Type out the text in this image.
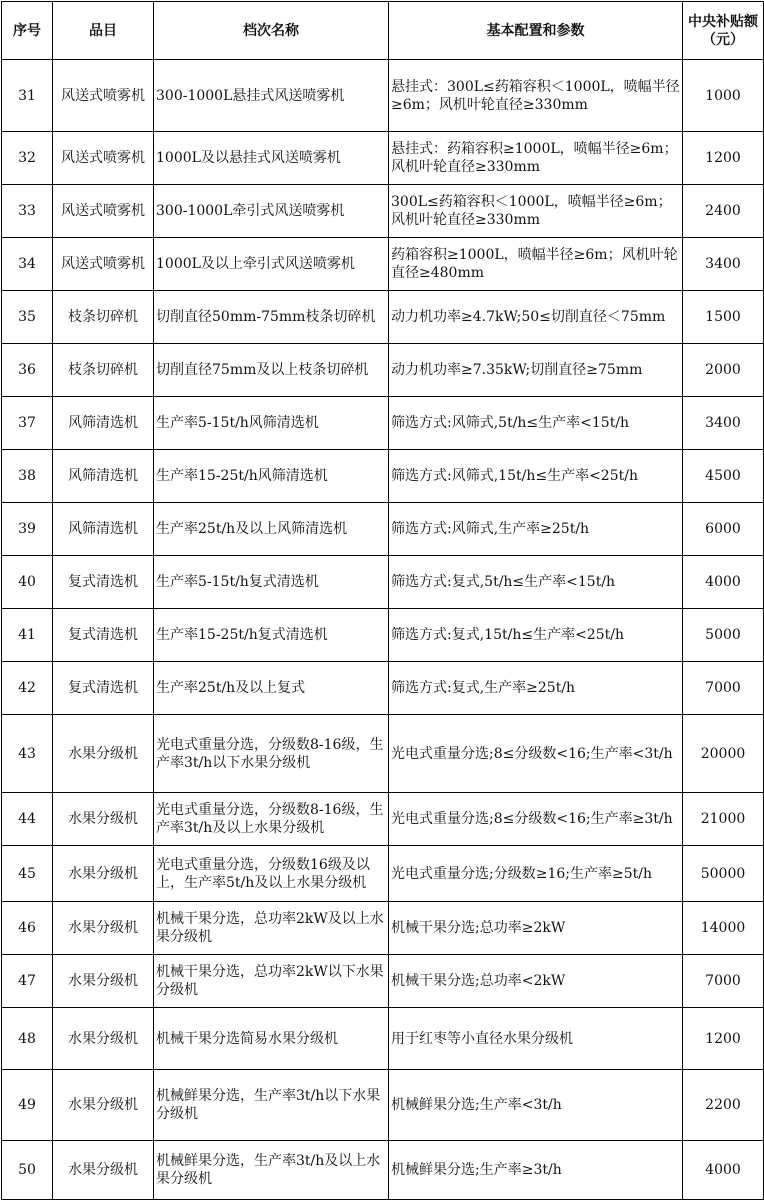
序号	品目	档次名称	基本配置和参数	中央补贴额（元）
31	风送式喷雾机	300-1000L悬挂式风送喷雾机	悬挂式：300L≤药箱容积＜1000L，喷幅半径≥6m；风机叶轮直径≥330mm	1000
32	风送式喷雾机	1000L及以悬挂式风送喷雾机	悬挂式：药箱容积≥1000L，喷幅半径≥6m；风机叶轮直径≥330mm	1200
33	风送式喷雾机	300-1000L牵引式风送喷雾机	300L≤药箱容积＜1000L，喷幅半径≥6m；风机叶轮直径≥330mm	2400
34	风送式喷雾机	1000L及以上牵引式风送喷雾机	药箱容积≥1000L，喷幅半径≥6m；风机叶轮直径≥480mm	3400
35	枝条切碎机	切削直径50mm-75mm枝条切碎机	动力机功率≥4.7kW;50≤切削直径＜75mm	1500
36	枝条切碎机	切削直径75mm及以上枝条切碎机	动力机功率≥7.35kW;切削直径≥75mm	2000
37	风筛清选机	生产率5-15t/h风筛清选机	筛选方式:风筛式,5t/h≤生产率<15t/h	3400
38	风筛清选机	生产率15-25t/h风筛清选机	筛选方式:风筛式,15t/h≤生产率<25t/h	4500
39	风筛清选机	生产率25t/h及以上风筛清选机	筛选方式:风筛式,生产率≥25t/h	6000
40	复式清选机	生产率5-15t/h复式清选机	筛选方式:复式,5t/h≤生产率<15t/h	4000
41	复式清选机	生产率15-25t/h复式清选机	筛选方式:复式,15t/h≤生产率<25t/h	5000
42	复式清选机	生产率25t/h及以上复式	筛选方式:复式,生产率≥25t/h	7000
43	水果分级机	光电式重量分选，分级数8-16级，生产率3t/h以下水果分级机	光电式重量分选;8≤分级数<16;生产率<3t/h	20000
44	水果分级机	光电式重量分选，分级数8-16级，生产率3t/h及以上水果分级机	光电式重量分选;8≤分级数<16;生产率≥3t/h	21000
45	水果分级机	光电式重量分选，分级数16级及以上，生产率5t/h及以上水果分级机	光电式重量分选;分级数≥16;生产率≥5t/h	50000
46	水果分级机	机械干果分选，总功率2kW及以上水果分级机	机械干果分选;总功率≥2kW	14000
47	水果分级机	机械干果分选，总功率2kW以下水果分级机	机械干果分选;总功率<2kW	7000
48	水果分级机	机械干果分选简易水果分级机	用于红枣等小直径水果分级机	1200
49	水果分级机	机械鲜果分选，生产率3t/h以下水果分级机	机械鲜果分选;生产率<3t/h	2200
50	水果分级机	机械鲜果分选，生产率3t/h及以上水果分级机	机械鲜果分选;生产率≥3t/h	4000
